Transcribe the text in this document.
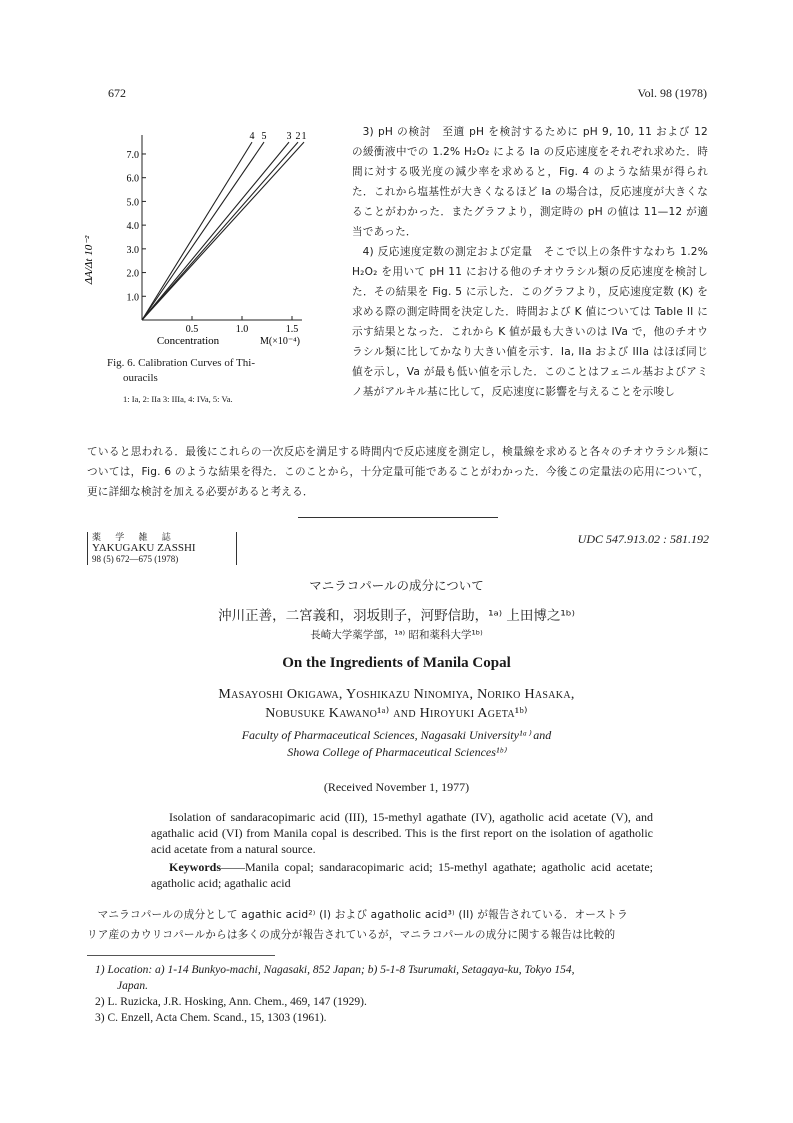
672	Vol. 98 (1978)
1.0
2.0
3.0
4.0
5.0
6.0
7.0
0.5	1.0	1.5
4 5 3 2 1
ΔA/Δt 10⁻²
Concentration	M(×10⁻⁴)
Fig. 6. Calibration Curves of Thi-
ouracils
1: Ia, 2: IIa 3: IIIa, 4: IVa, 5: Va.

3) pH の検討　至適 pH を検討するために pH 9, 10, 11 および 12 の緩衝液中での 1.2% H₂O₂ による Ia の反応速度をそれぞれ求めた．時間に対する吸光度の減少率を求めると，Fig. 4 のような結果が得られた．これから塩基性が大きくなるほど Ia の場合は，反応速度が大きくなることがわかった．またグラフより，測定時の pH の値は 11—12 が適当であった．

4) 反応速度定数の測定および定量　そこで以上の条件すなわち 1.2% H₂O₂ を用いて pH 11 における他のチオウラシル類の反応速度を検討した．その結果を Fig. 5 に示した．このグラフより，反応速度定数 (K) を求める際の測定時間を決定した．時間および K 値については Table II に示す結果となった．これから K 値が最も大きいのは IVa で，他のチオウラシル類に比してかなり大きい値を示す．Ia, IIa および IIIa はほぼ同じ値を示し，Va が最も低い値を示した．このことはフェニル基およびアミノ基がアルキル基に比して，反応速度に影響を与えることを示唆し

ていると思われる．最後にこれらの一次反応を満足する時間内で反応速度を測定し，検量線を求めると各々のチオウラシル類については，Fig. 6 のような結果を得た．このことから，十分定量可能であることがわかった．今後この定量法の応用について，更に詳細な検討を加える必要があると考える．

薬 学 雑 誌
YAKUGAKU ZASSHI
98 (5) 672—675 (1978)
UDC 547.913.02 : 581.192
マニラコパールの成分について
沖川正善，二宮義和，羽坂則子，河野信助，¹ᵃ⁾ 上田博之¹ᵇ⁾
長崎大学薬学部，¹ᵃ⁾ 昭和薬科大学¹ᵇ⁾
On the Ingredients of Manila Copal
Masayoshi Okigawa, Yoshikazu Ninomiya, Noriko Hasaka,
Nobusuke Kawano¹ᵃ⁾ and Hiroyuki Ageta¹ᵇ⁾
Faculty of Pharmaceutical Sciences, Nagasaki University¹ᵃ⁾ and
Showa College of Pharmaceutical Sciences¹ᵇ⁾
(Received November 1, 1977)

Isolation of sandaracopimaric acid (III), 15-methyl agathate (IV), agatholic acid acetate (V), and agathalic acid (VI) from Manila copal is described. This is the first report on the isolation of agatholic acid acetate from a natural source.

Keywords——Manila copal; sandaracopimaric acid; 15-methyl agathate; agatholic acid acetate; agatholic acid; agathalic acid

マニラコパールの成分として agathic acid²⁾ (I) および agatholic acid³⁾ (II) が報告されている．オーストラ
リア産のカウリコパールからは多くの成分が報告されているが，マニラコパールの成分に関する報告は比較的
1) Location: a) 1-14 Bunkyo-machi, Nagasaki, 852 Japan; b) 5-1-8 Tsurumaki, Setagaya-ku, Tokyo 154,
Japan.
2) L. Ruzicka, J.R. Hosking, Ann. Chem., 469, 147 (1929).
3) C. Enzell, Acta Chem. Scand., 15, 1303 (1961).
